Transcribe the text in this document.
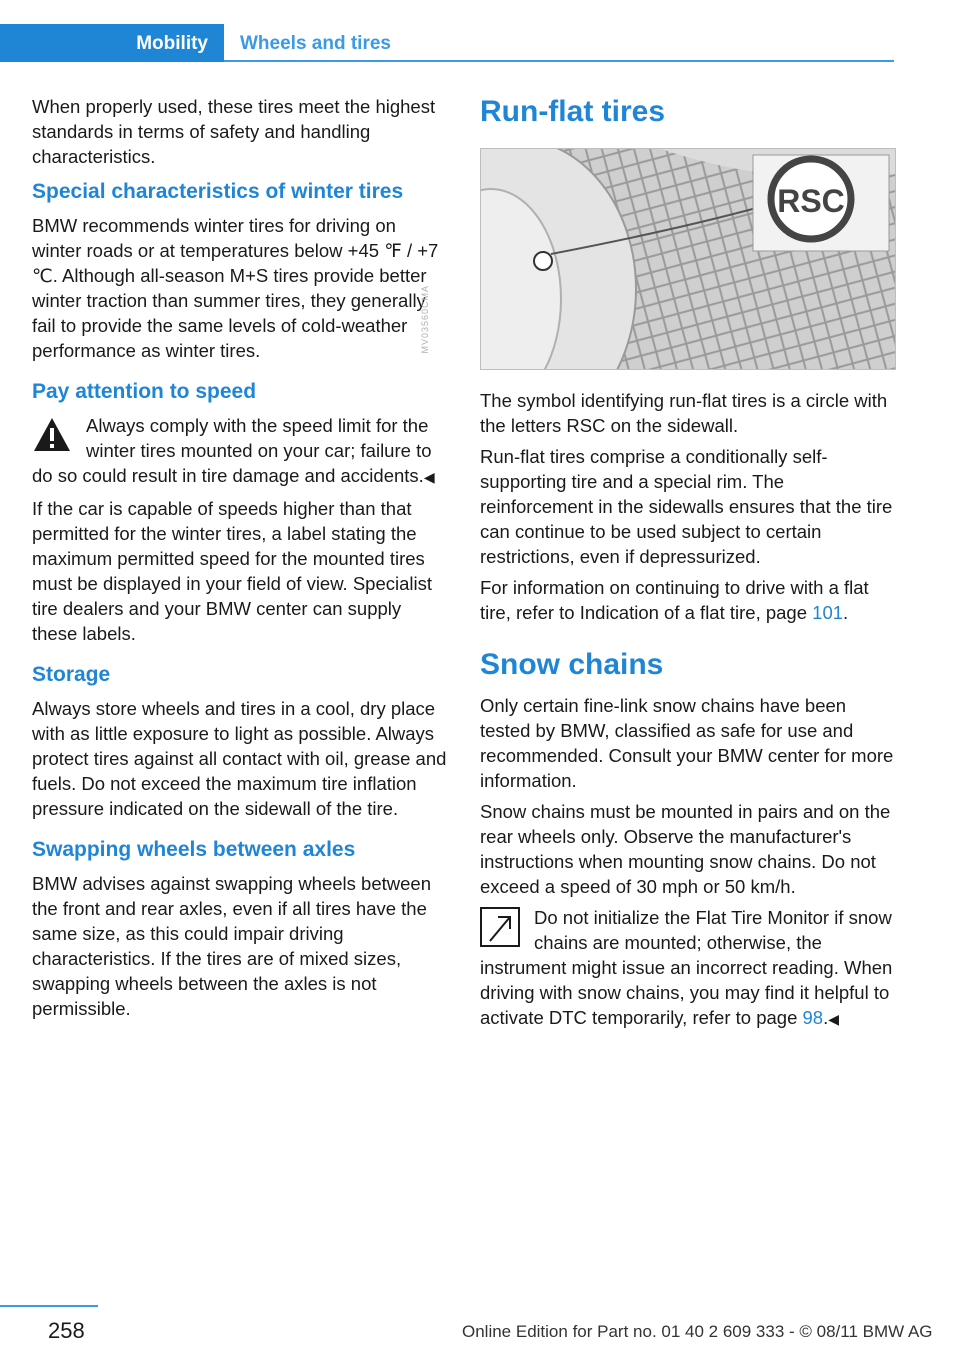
Mobility Wheels and tires

When properly used, these tires meet the highest standards in terms of safety and handling characteristics.

Special characteristics of winter tires

BMW recommends winter tires for driving on winter roads or at temperatures below +45 ℉ / +7 ℃. Although all-season M+S tires provide better winter traction than summer tires, they generally fail to provide the same levels of cold-weather performance as winter tires.

Pay attention to speed

Always comply with the speed limit for the winter tires mounted on your car; failure to do so could result in tire damage and accidents.◀

If the car is capable of speeds higher than that permitted for the winter tires, a label stating the maximum permitted speed for the mounted tires must be displayed in your field of view. Specialist tire dealers and your BMW center can supply these labels.

Storage

Always store wheels and tires in a cool, dry place with as little exposure to light as possible. Always protect tires against all contact with oil, grease and fuels. Do not exceed the maximum tire inflation pressure indicated on the sidewall of the tire.

Swapping wheels between axles

BMW advises against swapping wheels between the front and rear axles, even if all tires have the same size, as this could impair driving characteristics. If the tires are of mixed sizes, swapping wheels between the axles is not permissible.

Run-flat tires
RSC

The symbol identifying run-flat tires is a circle with the letters RSC on the sidewall.

Run-flat tires comprise a conditionally self-supporting tire and a special rim. The reinforcement in the sidewalls ensures that the tire can continue to be used subject to certain restrictions, even if depressurized.

For information on continuing to drive with a flat tire, refer to Indication of a flat tire, page 101.

Snow chains

Only certain fine-link snow chains have been tested by BMW, classified as safe for use and recommended. Consult your BMW center for more information.

Snow chains must be mounted in pairs and on the rear wheels only. Observe the manufacturer's instructions when mounting snow chains. Do not exceed a speed of 30 mph or 50 km/h.

Do not initialize the Flat Tire Monitor if snow chains are mounted; otherwise, the instrument might issue an incorrect reading. When driving with snow chains, you may find it helpful to activate DTC temporarily, refer to page 98.◀

MV03560CMA
258	Online Edition for Part no. 01 40 2 609 333 - © 08/11 BMW AG
